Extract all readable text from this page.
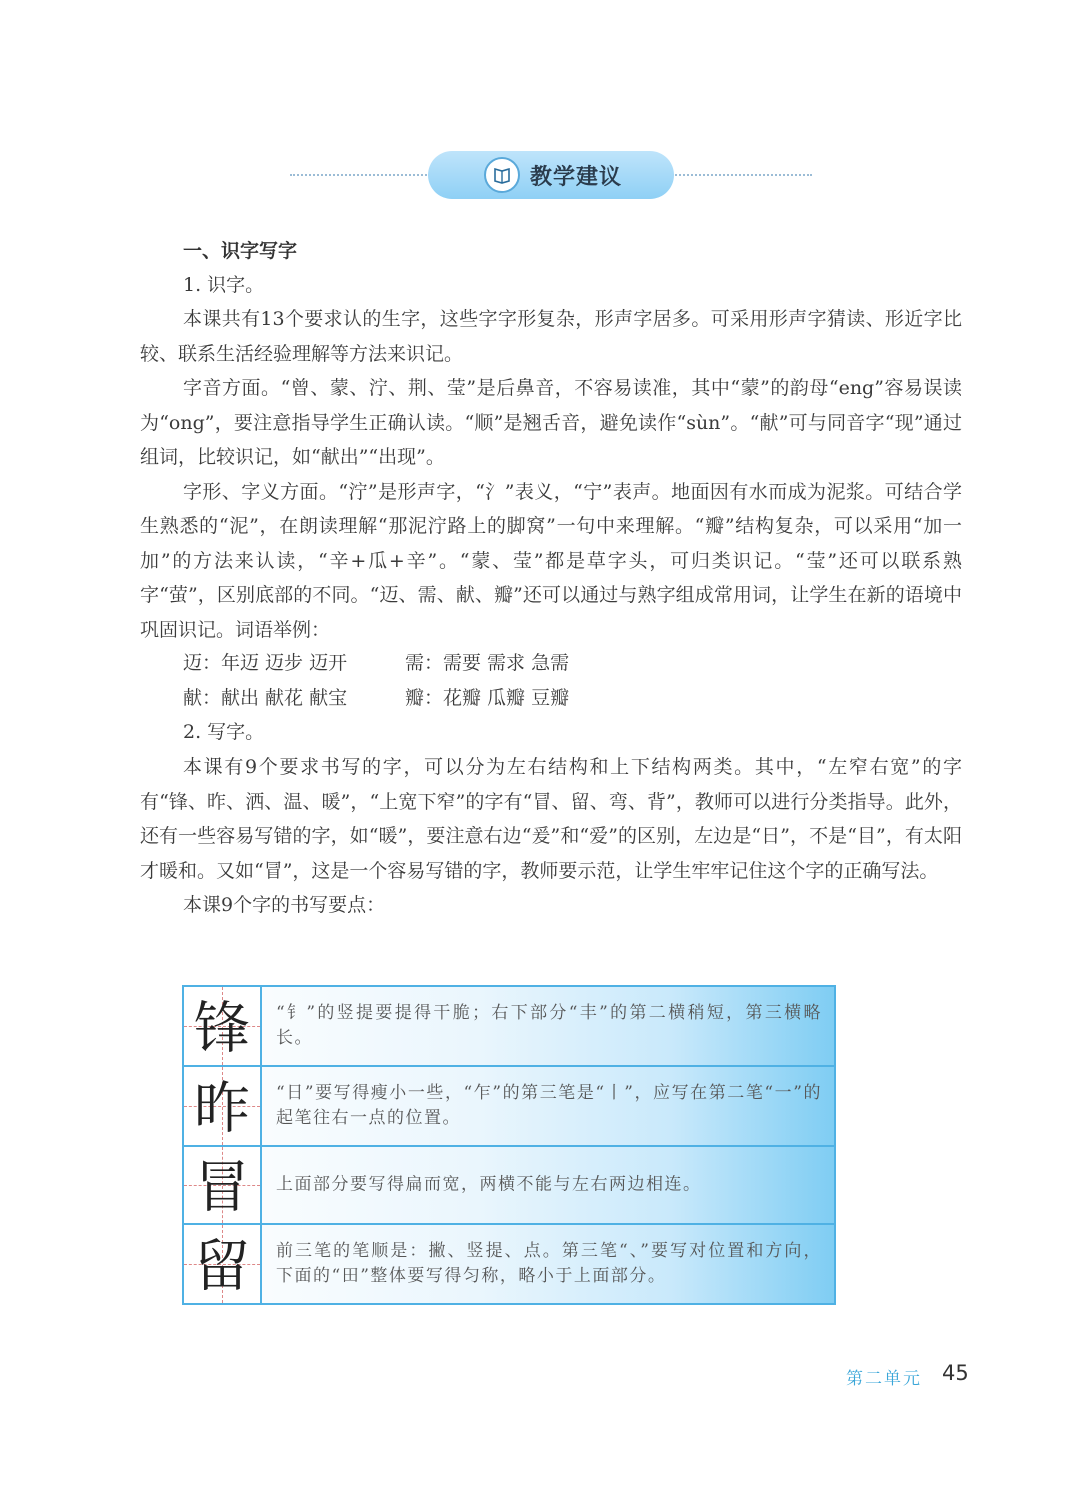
教学建议
一、识字写字
1. 识字。

本课共有13个要求认的生字，这些字字形复杂，形声字居多。可采用形声字猜读、形近字比较、联系生活经验理解等方法来识记。

字音方面。“曾、蒙、泞、荆、莹”是后鼻音，不容易读准，其中“蒙”的韵母“eng”容易误读为“ong”，要注意指导学生正确认读。“顺”是翘舌音，避免读作“sùn”。“献”可与同音字“现”通过组词，比较识记，如“献出”“出现”。

字形、字义方面。“泞”是形声字，“氵”表义，“宁”表声。地面因有水而成为泥浆。可结合学生熟悉的“泥”，在朗读理解“那泥泞路上的脚窝”一句中来理解。“瓣”结构复杂，可以采用“加一加”的方法来认读，“辛+瓜+辛”。“蒙、莹”都是草字头，可归类识记。“莹”还可以联系熟字“萤”，区别底部的不同。“迈、需、献、瓣”还可以通过与熟字组成常用词，让学生在新的语境中巩固识记。词语举例：

迈：年迈 迈步 迈开	需：需要 需求 急需
献：献出 献花 献宝	瓣：花瓣 瓜瓣 豆瓣
2. 写字。

本课有9个要求书写的字，可以分为左右结构和上下结构两类。其中，“左窄右宽”的字有“锋、昨、洒、温、暖”，“上宽下窄”的字有“冒、留、弯、背”，教师可以进行分类指导。此外，还有一些容易写错的字，如“暖”，要注意右边“爰”和“爱”的区别，左边是“日”，不是“目”，有太阳才暖和。又如“冒”，这是一个容易写错的字，教师要示范，让学生牢牢记住这个字的正确写法。

本课9个字的书写要点：

锋	“钅”的竖提要提得干脆；右下部分“丰”的第二横稍短，第三横略长。
昨	“日”要写得瘦小一些，“乍”的第三笔是“丨”，应写在第二笔“一”的起笔往右一点的位置。
冒	上面部分要写得扁而宽，两横不能与左右两边相连。
留	前三笔的笔顺是：撇、竖提、点。第三笔“、”要写对位置和方向，下面的“田”整体要写得匀称，略小于上面部分。
第二单元 45
